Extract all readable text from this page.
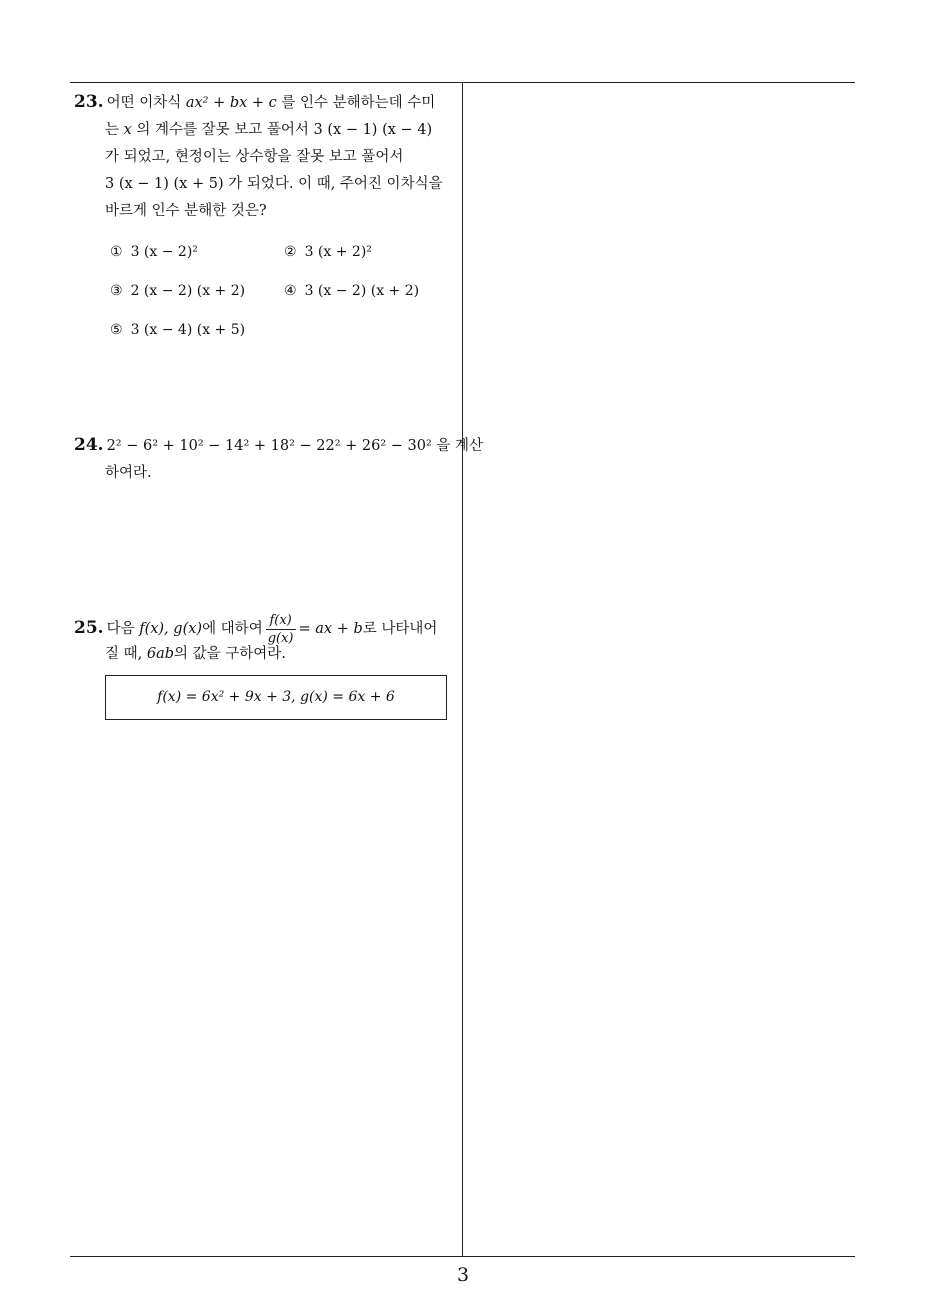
23. 어떤 이차식 ax² + bx + c 를 인수 분해하는데 수미
는 x 의 계수를 잘못 보고 풀어서 3 (x − 1) (x − 4)
가 되었고, 현정이는 상수항을 잘못 보고 풀어서
3 (x − 1) (x + 5) 가 되었다. 이 때, 주어진 이차식을
바르게 인수 분해한 것은?
① 3 (x − 2)²	② 3 (x + 2)²
③ 2 (x − 2) (x + 2)	④ 3 (x − 2) (x + 2)
⑤ 3 (x − 4) (x + 5)
24. 2² − 6² + 10² − 14² + 18² − 22² + 26² − 30² 을 계산
하여라.
25. 다음 f(x), g(x)에 대하여 $\frac{f(x)}{g(x)}$ = ax + b로 나타내어
질 때, 6ab의 값을 구하여라.
f(x) = 6x² + 9x + 3, g(x) = 6x + 6
3
